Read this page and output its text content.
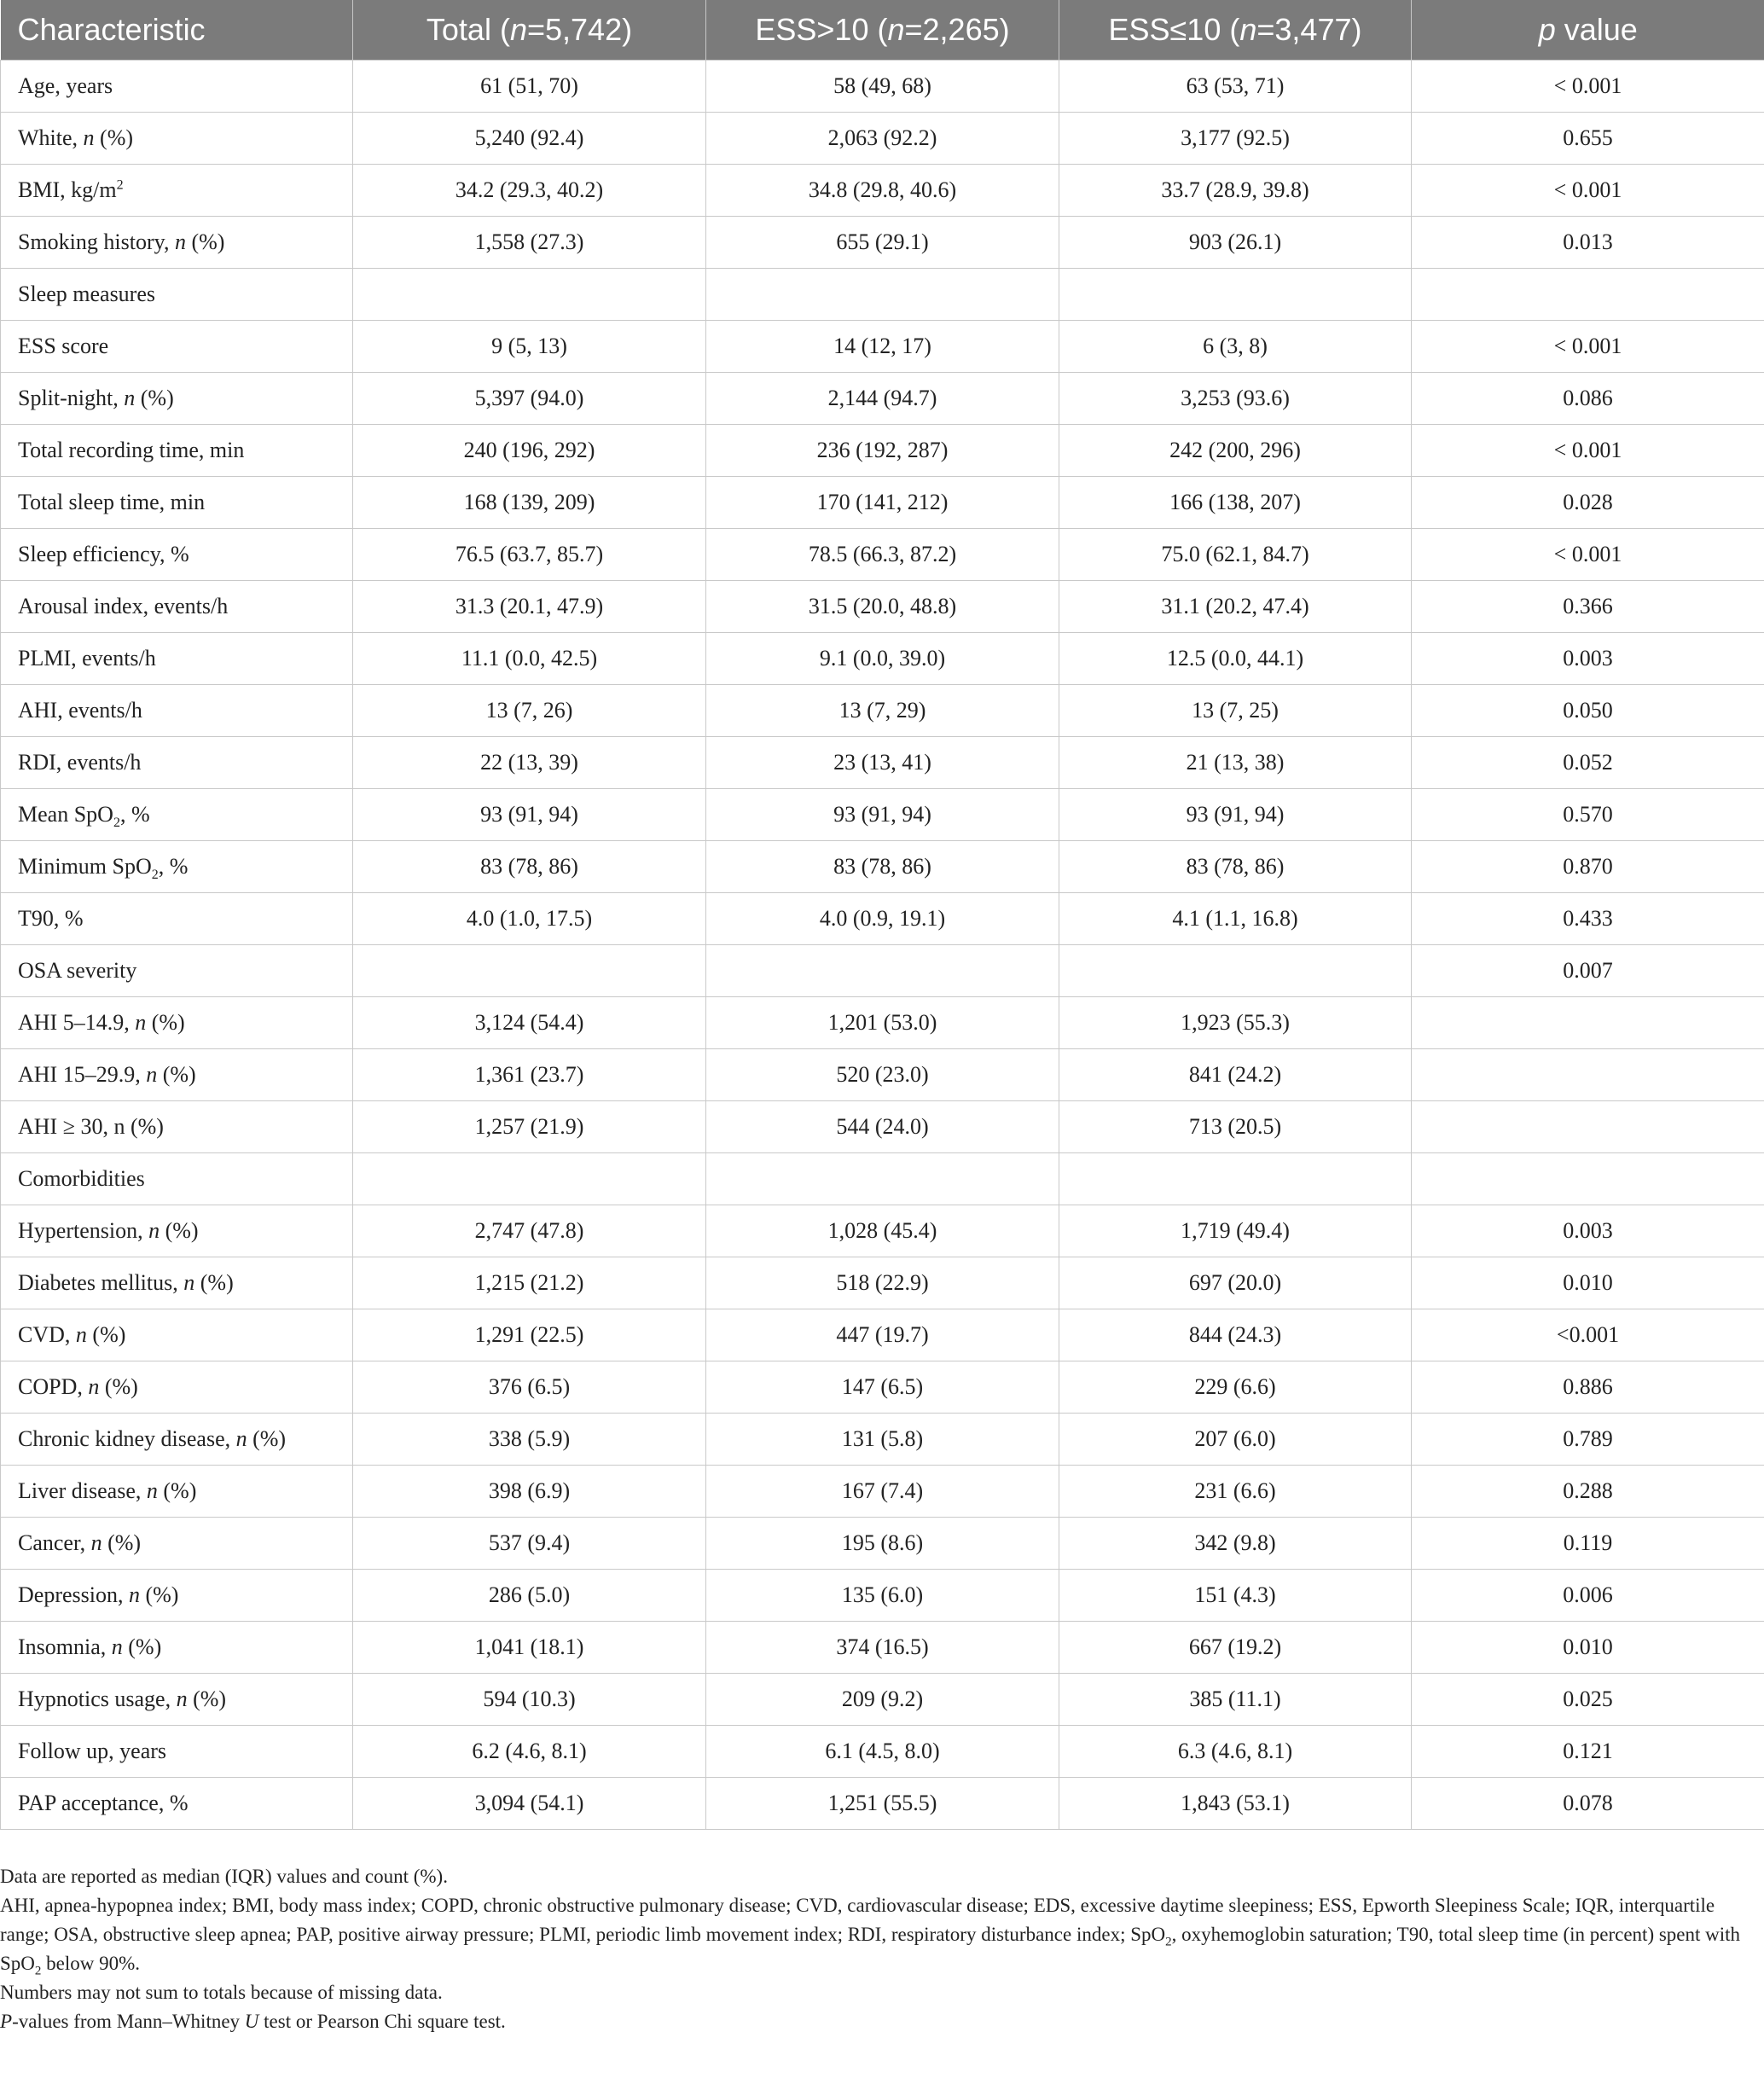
Characteristic	Total (n=5,742)	ESS>10 (n=2,265)	ESS≤10 (n=3,477)	p value
Age, years	61 (51, 70)	58 (49, 68)	63 (53, 71)	< 0.001
White, n (%)	5,240 (92.4)	2,063 (92.2)	3,177 (92.5)	0.655
BMI, $kg/m^2$	34.2 (29.3, 40.2)	34.8 (29.8, 40.6)	33.7 (28.9, 39.8)	< 0.001
Smoking history, n (%)	1,558 (27.3)	655 (29.1)	903 (26.1)	0.013
Sleep measures				
ESS score	9 (5, 13)	14 (12, 17)	6 (3, 8)	< 0.001
Split-night, n (%)	5,397 (94.0)	2,144 (94.7)	3,253 (93.6)	0.086
Total recording time, min	240 (196, 292)	236 (192, 287)	242 (200, 296)	< 0.001
Total sleep time, min	168 (139, 209)	170 (141, 212)	166 (138, 207)	0.028
Sleep efficiency, %	76.5 (63.7, 85.7)	78.5 (66.3, 87.2)	75.0 (62.1, 84.7)	< 0.001
Arousal index, events/h	31.3 (20.1, 47.9)	31.5 (20.0, 48.8)	31.1 (20.2, 47.4)	0.366
PLMI, events/h	11.1 (0.0, 42.5)	9.1 (0.0, 39.0)	12.5 (0.0, 44.1)	0.003
AHI, events/h	13 (7, 26)	13 (7, 29)	13 (7, 25)	0.050
RDI, events/h	22 (13, 39)	23 (13, 41)	21 (13, 38)	0.052
Mean SpO$_2$, %	93 (91, 94)	93 (91, 94)	93 (91, 94)	0.570
Minimum SpO$_2$, %	83 (78, 86)	83 (78, 86)	83 (78, 86)	0.870
T90, %	4.0 (1.0, 17.5)	4.0 (0.9, 19.1)	4.1 (1.1, 16.8)	0.433
OSA severity				0.007
AHI 5–14.9, n (%)	3,124 (54.4)	1,201 (53.0)	1,923 (55.3)	
AHI 15–29.9, n (%)	1,361 (23.7)	520 (23.0)	841 (24.2)	
AHI ≥ 30, n (%)	1,257 (21.9)	544 (24.0)	713 (20.5)	
Comorbidities				
Hypertension, n (%)	2,747 (47.8)	1,028 (45.4)	1,719 (49.4)	0.003
Diabetes mellitus, n (%)	1,215 (21.2)	518 (22.9)	697 (20.0)	0.010
CVD, n (%)	1,291 (22.5)	447 (19.7)	844 (24.3)	<0.001
COPD, n (%)	376 (6.5)	147 (6.5)	229 (6.6)	0.886
Chronic kidney disease, n (%)	338 (5.9)	131 (5.8)	207 (6.0)	0.789
Liver disease, n (%)	398 (6.9)	167 (7.4)	231 (6.6)	0.288
Cancer, n (%)	537 (9.4)	195 (8.6)	342 (9.8)	0.119
Depression, n (%)	286 (5.0)	135 (6.0)	151 (4.3)	0.006
Insomnia, n (%)	1,041 (18.1)	374 (16.5)	667 (19.2)	0.010
Hypnotics usage, n (%)	594 (10.3)	209 (9.2)	385 (11.1)	0.025
Follow up, years	6.2 (4.6, 8.1)	6.1 (4.5, 8.0)	6.3 (4.6, 8.1)	0.121
PAP acceptance, %	3,094 (54.1)	1,251 (55.5)	1,843 (53.1)	0.078

Data are reported as median (IQR) values and count (%).

AHI, apnea-hypopnea index; BMI, body mass index; COPD, chronic obstructive pulmonary disease; CVD, cardiovascular disease; EDS, excessive daytime sleepiness; ESS, Epworth Sleepiness Scale; IQR, interquartile range; OSA, obstructive sleep apnea; PAP, positive airway pressure; PLMI, periodic limb movement index; RDI, respiratory disturbance index; SpO$_2$, oxyhemoglobin saturation; T90, total sleep time (in percent) spent with SpO$_2$ below 90%.

Numbers may not sum to totals because of missing data.

P-values from Mann–Whitney U test or Pearson Chi square test.
